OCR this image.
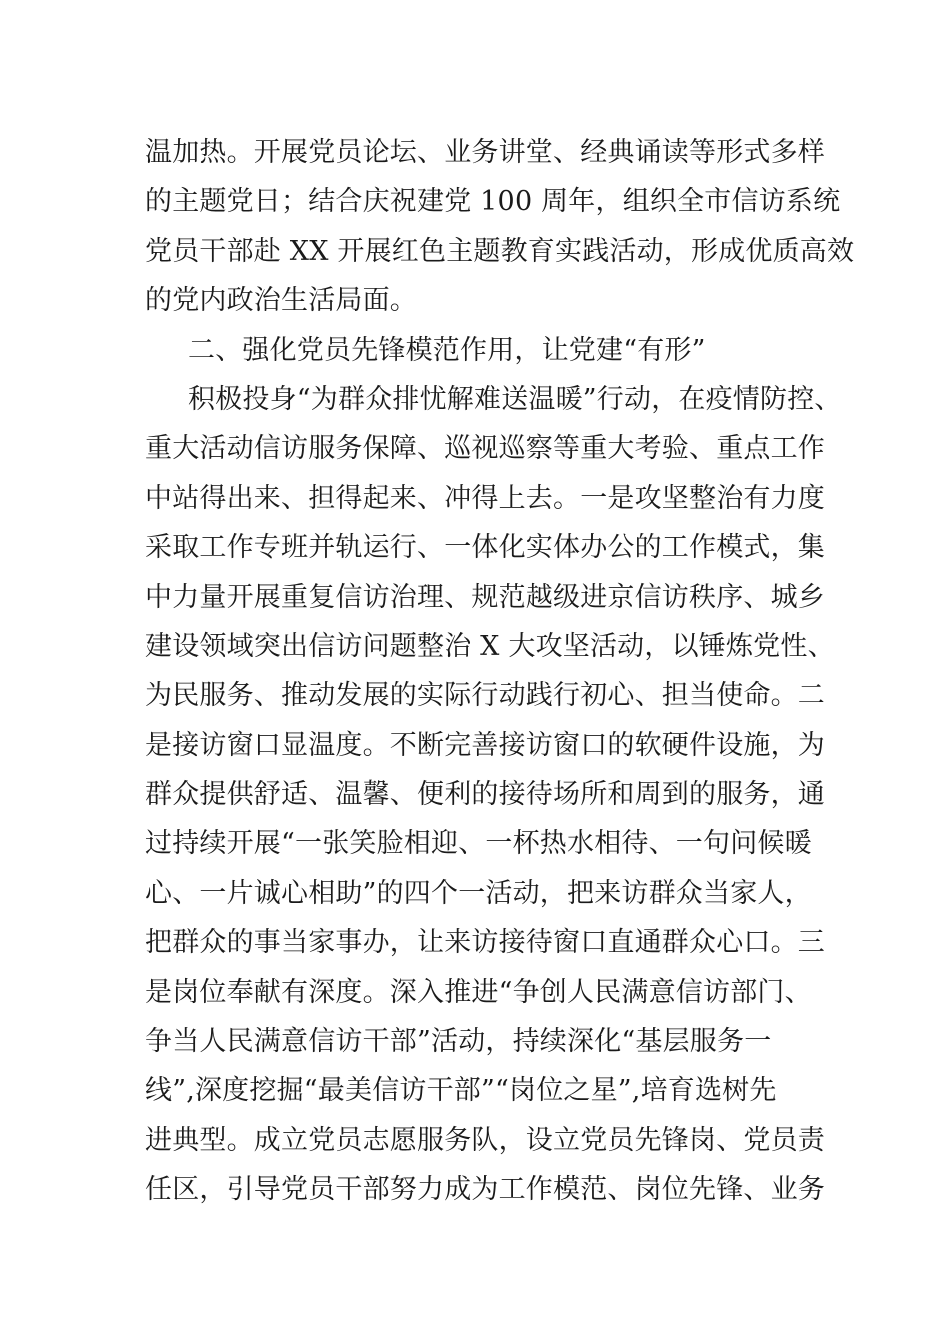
温加热。开展党员论坛、业务讲堂、经典诵读等形式多样
的主题党日；结合庆祝建党 100 周年，组织全市信访系统
党员干部赴 XX 开展红色主题教育实践活动，形成优质高效
的党内政治生活局面。
二、强化党员先锋模范作用，让党建“有形”
积极投身“为群众排忧解难送温暖”行动，在疫情防控、
重大活动信访服务保障、巡视巡察等重大考验、重点工作
中站得出来、担得起来、冲得上去。一是攻坚整治有力度
采取工作专班并轨运行、一体化实体办公的工作模式，集
中力量开展重复信访治理、规范越级进京信访秩序、城乡
建设领域突出信访问题整治 X 大攻坚活动，以锤炼党性、
为民服务、推动发展的实际行动践行初心、担当使命。二
是接访窗口显温度。不断完善接访窗口的软硬件设施，为
群众提供舒适、温馨、便利的接待场所和周到的服务，通
过持续开展“一张笑脸相迎、一杯热水相待、一句问候暖
心、一片诚心相助”的四个一活动，把来访群众当家人，
把群众的事当家事办，让来访接待窗口直通群众心口。三
是岗位奉献有深度。深入推进“争创人民满意信访部门、
争当人民满意信访干部”活动，持续深化“基层服务一
线”,深度挖掘“最美信访干部”“岗位之星”,培育选树先
进典型。成立党员志愿服务队，设立党员先锋岗、党员责
任区，引导党员干部努力成为工作模范、岗位先锋、业务
